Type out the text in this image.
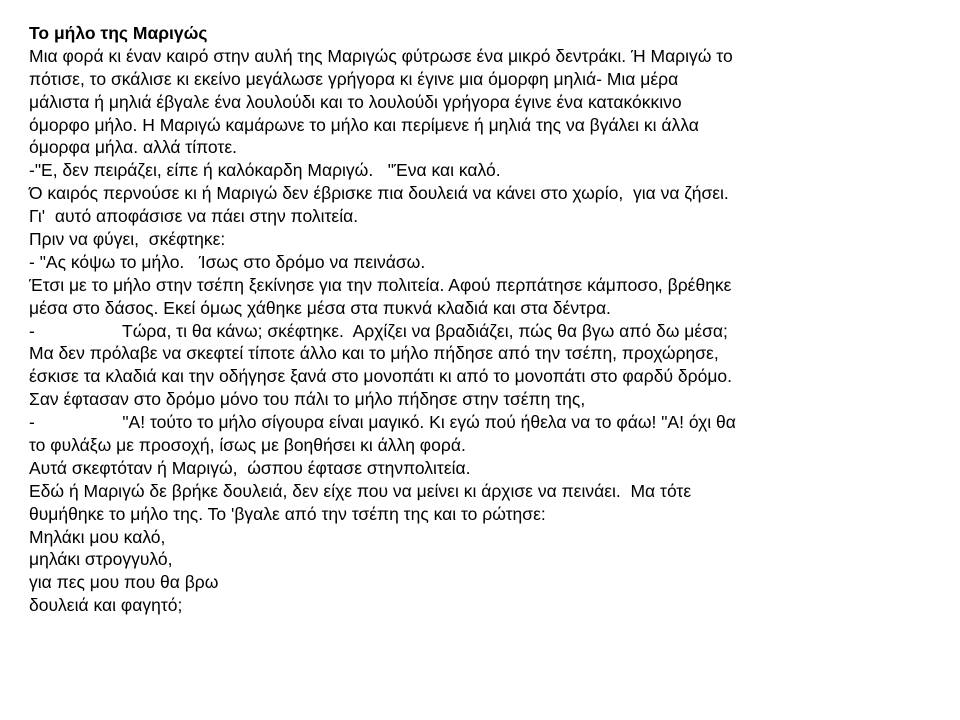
Το μήλο της Μαριγώς
Μια φορά κι έναν καιρό στην αυλή της Μαριγώς φύτρωσε ένα μικρό δεντράκι. Ή Μαριγώ το
πότισε, το σκάλισε κι εκείνο μεγάλωσε γρήγορα κι έγινε μια όμορφη μηλιά- Μια μέρα
μάλιστα ή μηλιά έβγαλε ένα λουλούδι και το λουλούδι γρήγορα έγινε ένα κατακόκκινο
όμορφο μήλο. Η Μαριγώ καμάρωνε το μήλο και περίμενε ή μηλιά της να βγάλει κι άλλα
όμορφα μήλα. αλλά τίποτε.
-"Ε, δεν πειράζει, είπε ή καλόκαρδη Μαριγώ.   "Ένα και καλό.
Ό καιρός περνούσε κι ή Μαριγώ δεν έβρισκε πια δουλειά να κάνει στο χωρίο,  για να ζήσει.
Γι'  αυτό αποφάσισε να πάει στην πολιτεία.
Πριν να φύγει,  σκέφτηκε:
- "Ας κόψω το μήλο.   Ίσως στο δρόμο να πεινάσω.
Έτσι με το μήλο στην τσέπη ξεκίνησε για την πολιτεία. Αφού περπάτησε κάμποσο, βρέθηκε
μέσα στο δάσος. Εκεί όμως χάθηκε μέσα στα πυκνά κλαδιά και στα δέντρα.
-                  Τώρα, τι θα κάνω; σκέφτηκε.  Αρχίζει να βραδιάζει, πώς θα βγω από δω μέσα;
Μα δεν πρόλαβε να σκεφτεί τίποτε άλλο και το μήλο πήδησε από την τσέπη, προχώρησε,
έσκισε τα κλαδιά και την οδήγησε ξανά στο μονοπάτι κι από το μονοπάτι στο φαρδύ δρόμο.
Σαν έφτασαν στο δρόμο μόνο του πάλι το μήλο πήδησε στην τσέπη της,
-                  "Α! τούτο το μήλο σίγουρα είναι μαγικό. Κι εγώ πού ήθελα να το φάω! "Α! όχι θα
το φυλάξω με προσοχή, ίσως με βοηθήσει κι άλλη φορά.
Αυτά σκεφτόταν ή Μαριγώ,  ώσπου έφτασε στηνπολιτεία.
Εδώ ή Μαριγώ δε βρήκε δουλειά, δεν είχε που να μείνει κι άρχισε να πεινάει.  Μα τότε
θυμήθηκε το μήλο της. Το 'βγαλε από την τσέπη της και το ρώτησε:
Μηλάκι μου καλό,
μηλάκι στρογγυλό,
για πες μου που θα βρω
δουλειά και φαγητό;
